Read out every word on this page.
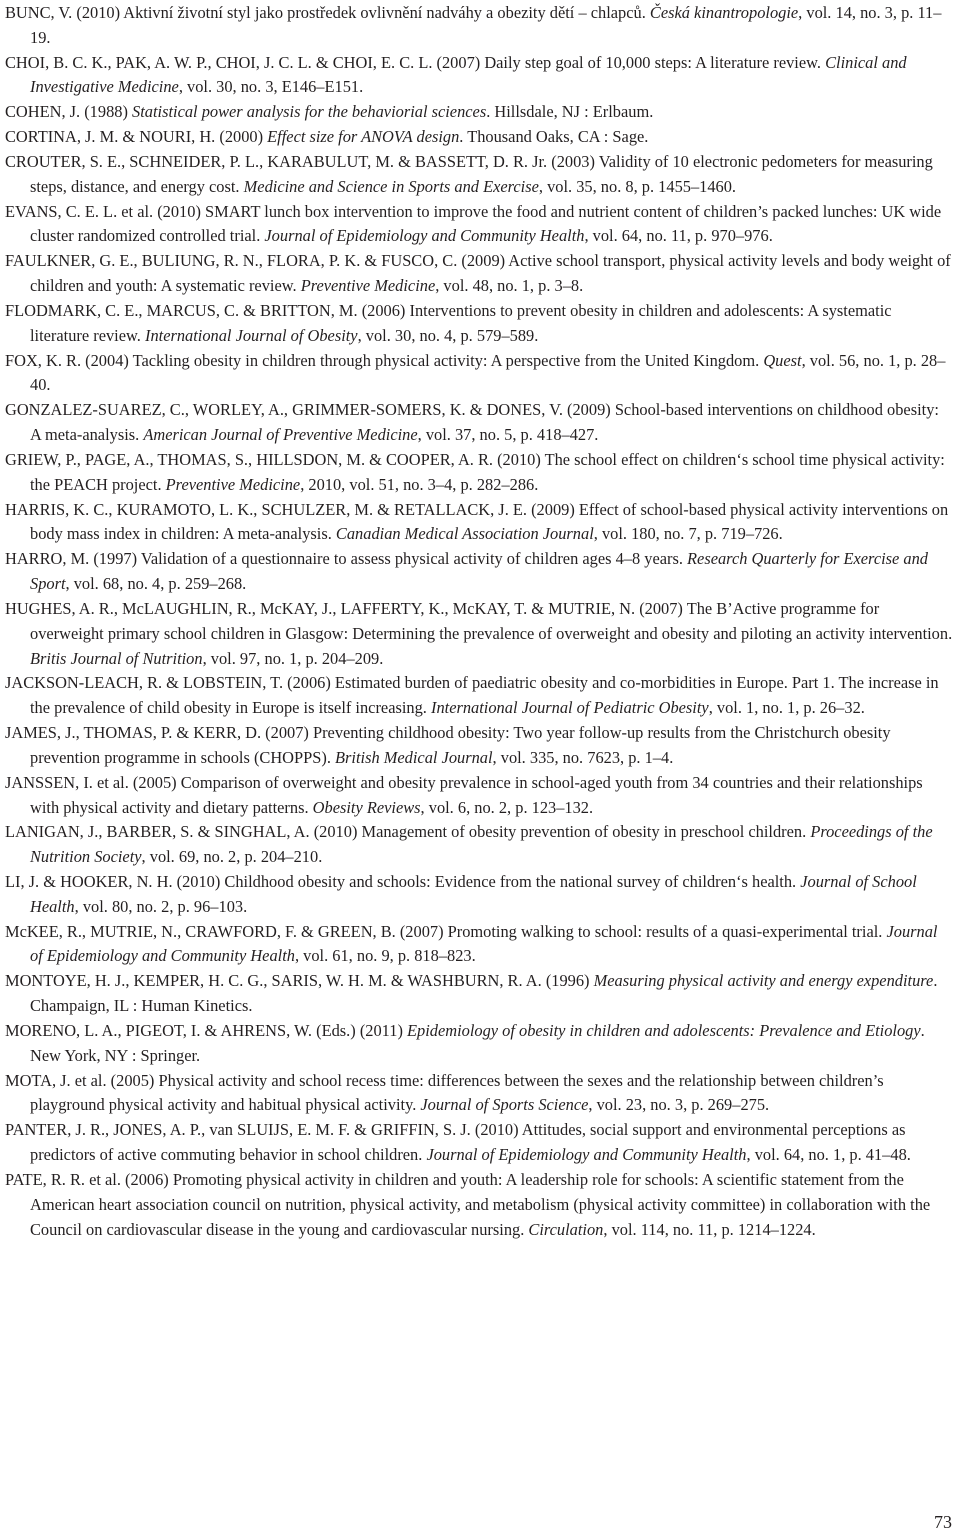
BUNC, V. (2010) Aktivní životní styl jako prostředek ovlivnění nadváhy a obezity dětí – chlapců. Česká kinantropologie, vol. 14, no. 3, p. 11–19.
CHOI, B. C. K., PAK, A. W. P., CHOI, J. C. L. & CHOI, E. C. L. (2007) Daily step goal of 10,000 steps: A literature review. Clinical and Investigative Medicine, vol. 30, no. 3, E146–E151.
COHEN, J. (1988) Statistical power analysis for the behaviorial sciences. Hillsdale, NJ : Erlbaum.
CORTINA, J. M. & NOURI, H. (2000) Effect size for ANOVA design. Thousand Oaks, CA : Sage.
CROUTER, S. E., SCHNEIDER, P. L., KARABULUT, M. & BASSETT, D. R. Jr. (2003) Validity of 10 electronic pedometers for measuring steps, distance, and energy cost. Medicine and Science in Sports and Exercise, vol. 35, no. 8, p. 1455–1460.
EVANS, C. E. L. et al. (2010) SMART lunch box intervention to improve the food and nutrient content of children’s packed lunches: UK wide cluster randomized controlled trial. Journal of Epidemiology and Community Health, vol. 64, no. 11, p. 970–976.
FAULKNER, G. E., BULIUNG, R. N., FLORA, P. K. & FUSCO, C. (2009) Active school transport, physical activity levels and body weight of children and youth: A systematic review. Preventive Medicine, vol. 48, no. 1, p. 3–8.
FLODMARK, C. E., MARCUS, C. & BRITTON, M. (2006) Interventions to prevent obesity in children and adolescents: A systematic literature review. International Journal of Obesity, vol. 30, no. 4, p. 579–589.
FOX, K. R. (2004) Tackling obesity in children through physical activity: A perspective from the United Kingdom. Quest, vol. 56, no. 1, p. 28–40.
GONZALEZ-SUAREZ, C., WORLEY, A., GRIMMER-SOMERS, K. & DONES, V. (2009) School-based interventions on childhood obesity: A meta-analysis. American Journal of Preventive Medicine, vol. 37, no. 5, p. 418–427.
GRIEW, P., PAGE, A., THOMAS, S., HILLSDON, M. & COOPER, A. R. (2010) The school effect on children‘s school time physical activity: the PEACH project. Preventive Medicine, 2010, vol. 51, no. 3–4, p. 282–286.
HARRIS, K. C., KURAMOTO, L. K., SCHULZER, M. & RETALLACK, J. E. (2009) Effect of school-based physical activity interventions on body mass index in children: A meta-analysis. Canadian Medical Association Journal, vol. 180, no. 7, p. 719–726.
HARRO, M. (1997) Validation of a questionnaire to assess physical activity of children ages 4–8 years. Research Quarterly for Exercise and Sport, vol. 68, no. 4, p. 259–268.
HUGHES, A. R., McLAUGHLIN, R., McKAY, J., LAFFERTY, K., McKAY, T. & MUTRIE, N. (2007) The B’Active programme for overweight primary school children in Glasgow: Determining the prevalence of overweight and obesity and piloting an activity intervention. Britis Journal of Nutrition, vol. 97, no. 1, p. 204–209.
JACKSON-LEACH, R. & LOBSTEIN, T. (2006) Estimated burden of paediatric obesity and co-morbidities in Europe. Part 1. The increase in the prevalence of child obesity in Europe is itself increasing. International Journal of Pediatric Obesity, vol. 1, no. 1, p. 26–32.
JAMES, J., THOMAS, P. & KERR, D. (2007) Preventing childhood obesity: Two year follow-up results from the Christchurch obesity prevention programme in schools (CHOPPS). British Medical Journal, vol. 335, no. 7623, p. 1–4.
JANSSEN, I. et al. (2005) Comparison of overweight and obesity prevalence in school-aged youth from 34 countries and their relationships with physical activity and dietary patterns. Obesity Reviews, vol. 6, no. 2, p. 123–132.
LANIGAN, J., BARBER, S. & SINGHAL, A. (2010) Management of obesity prevention of obesity in preschool children. Proceedings of the Nutrition Society, vol. 69, no. 2, p. 204–210.
LI, J. & HOOKER, N. H. (2010) Childhood obesity and schools: Evidence from the national survey of children‘s health. Journal of School Health, vol. 80, no. 2, p. 96–103.
McKEE, R., MUTRIE, N., CRAWFORD, F. & GREEN, B. (2007) Promoting walking to school: results of a quasi-experimental trial. Journal of Epidemiology and Community Health, vol. 61, no. 9, p. 818–823.
MONTOYE, H. J., KEMPER, H. C. G., SARIS, W. H. M. & WASHBURN, R. A. (1996) Measuring physical activity and energy expenditure. Champaign, IL : Human Kinetics.
MORENO, L. A., PIGEOT, I. & AHRENS, W. (Eds.) (2011) Epidemiology of obesity in children and adolescents: Prevalence and Etiology. New York, NY : Springer.
MOTA, J. et al. (2005) Physical activity and school recess time: differences between the sexes and the relationship between children’s playground physical activity and habitual physical activity. Journal of Sports Science, vol. 23, no. 3, p. 269–275.
PANTER, J. R., JONES, A. P., van SLUIJS, E. M. F. & GRIFFIN, S. J. (2010) Attitudes, social support and environmental perceptions as predictors of active commuting behavior in school children. Journal of Epidemiology and Community Health, vol. 64, no. 1, p. 41–48.
PATE, R. R. et al. (2006) Promoting physical activity in children and youth: A leadership role for schools: A scientific statement from the American heart association council on nutrition, physical activity, and metabolism (physical activity committee) in collaboration with the Council on cardiovascular disease in the young and cardiovascular nursing. Circulation, vol. 114, no. 11, p. 1214–1224.
73
